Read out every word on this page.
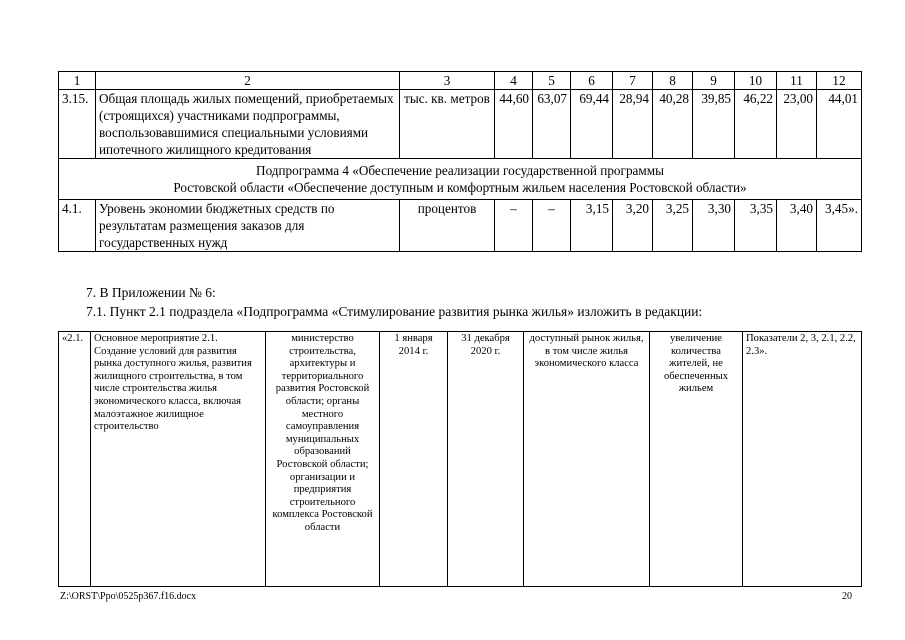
1	2	3	4	5	6	7	8	9	10	11	12
3.15.	Общая площадь жилых помещений, приобретаемых (строящихся) участниками подпрограммы, воспользовавшимися специальными условиями ипотечного жилищного кредитования	тыс. кв. метров	44,60	63,07	69,44	28,94	40,28	39,85	46,22	23,00	44,01

Подпрограмма 4 «Обеспечение реализации государственной программы
Ростовской области «Обеспечение доступным и комфортным жильем населения Ростовской области»											

4.1.	Уровень экономии бюджетных средств по результатам размещения заказов для государственных нужд	процентов	–	–	3,15	3,20	3,25	3,30	3,35	3,40	3,45».
7. В Приложении № 6:
7.1. Пункт 2.1 подраздела «Подпрограмма «Стимулирование развития рынка жилья» изложить в редакции:
«2.1.	Основное мероприятие 2.1. Создание условий для развития рынка доступного жилья, развития жилищного строительства, в том числе строительства жилья экономического класса, включая малоэтажное жилищное строительство	министерство строительства, архитектуры и территориального развития Ростовской области; органы местного самоуправления муниципальных образований Ростовской области; организации и предприятия строительного комплекса Ростовской области	1 января 2014 г.	31 декабря 2020 г.	доступный рынок жилья, в том числе жилья экономического класса	увеличение количества жителей, не обеспеченных жильем	Показатели 2, 3, 2.1, 2.2, 2.3».
Z:\ORST\Ppo\0525p367.f16.docx	20
